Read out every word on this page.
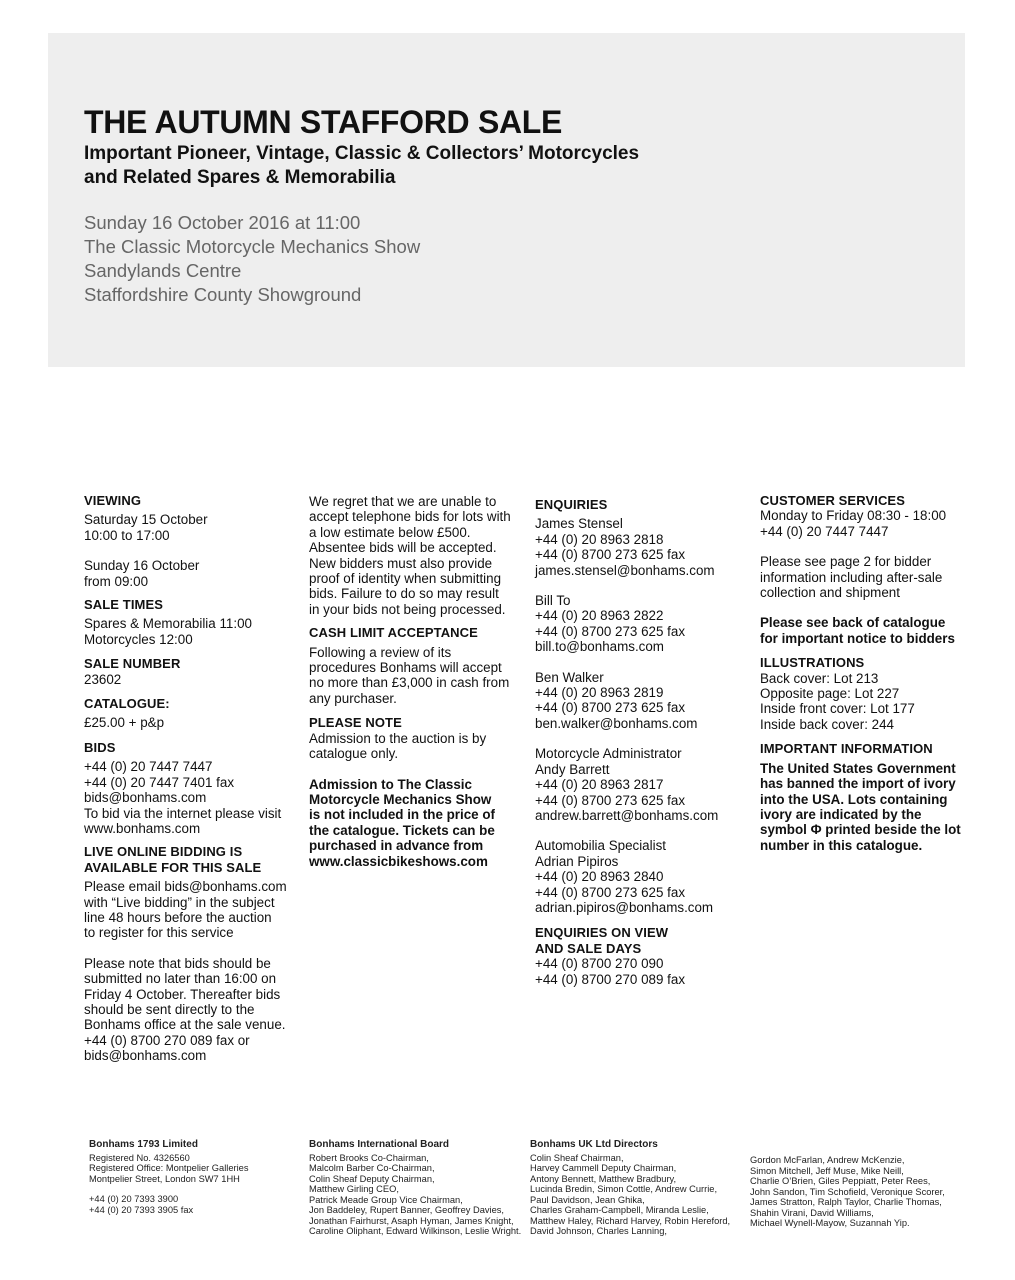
THE AUTUMN STAFFORD SALE

Important Pioneer, Vintage, Classic & Collectors’ Motorcycles

and Related Spares & Memorabilia

Sunday 16 October 2016 at 11:00

The Classic Motorcycle Mechanics Show

Sandylands Centre

Staffordshire County Showground

VIEWING

Saturday 15 October

10:00 to 17:00

Sunday 16 October

from 09:00

SALE TIMES

Spares & Memorabilia 11:00

Motorcycles 12:00

SALE NUMBER

23602

CATALOGUE:

£25.00 + p&p

BIDS

+44 (0) 20 7447 7447

+44 (0) 20 7447 7401 fax

bids@bonhams.com

To bid via the internet please visit

www.bonhams.com

LIVE ONLINE BIDDING IS

AVAILABLE FOR THIS SALE

Please email bids@bonhams.com

with “Live bidding” in the subject

line 48 hours before the auction

to register for this service

Please note that bids should be

submitted no later than 16:00 on

Friday 4 October. Thereafter bids

should be sent directly to the

Bonhams office at the sale venue.

+44 (0) 8700 270 089 fax or

bids@bonhams.com

We regret that we are unable to

accept telephone bids for lots with

a low estimate below £500.

Absentee bids will be accepted.

New bidders must also provide

proof of identity when submitting

bids. Failure to do so may result

in your bids not being processed.

CASH LIMIT ACCEPTANCE

Following a review of its

procedures Bonhams will accept

no more than £3,000 in cash from

any purchaser.

PLEASE NOTE

Admission to the auction is by

catalogue only.

Admission to The Classic

Motorcycle Mechanics Show

is not included in the price of

the catalogue. Tickets can be

purchased in advance from

www.classicbikeshows.com

ENQUIRIES

James Stensel

+44 (0) 20 8963 2818

+44 (0) 8700 273 625 fax

james.stensel@bonhams.com

Bill To

+44 (0) 20 8963 2822

+44 (0) 8700 273 625 fax

bill.to@bonhams.com

Ben Walker

+44 (0) 20 8963 2819

+44 (0) 8700 273 625 fax

ben.walker@bonhams.com

Motorcycle Administrator

Andy Barrett

+44 (0) 20 8963 2817

+44 (0) 8700 273 625 fax

andrew.barrett@bonhams.com

Automobilia Specialist

Adrian Pipiros

+44 (0) 20 8963 2840

+44 (0) 8700 273 625 fax

adrian.pipiros@bonhams.com

ENQUIRIES ON VIEW

AND SALE DAYS

+44 (0) 8700 270 090

+44 (0) 8700 270 089 fax

CUSTOMER SERVICES

Monday to Friday 08:30 - 18:00

+44 (0) 20 7447 7447

Please see page 2 for bidder

information including after-sale

collection and shipment

Please see back of catalogue

for important notice to bidders

ILLUSTRATIONS

Back cover: Lot 213

Opposite page: Lot 227

Inside front cover: Lot 177

Inside back cover: 244

IMPORTANT INFORMATION

The United States Government

has banned the import of ivory

into the USA. Lots containing

ivory are indicated by the

symbol Φ printed beside the lot

number in this catalogue.

Bonhams 1793 Limited

Registered No. 4326560

Registered Office: Montpelier Galleries

Montpelier Street, London SW7 1HH

+44 (0) 20 7393 3900

+44 (0) 20 7393 3905 fax

Bonhams International Board

Robert Brooks Co-Chairman,

Malcolm Barber Co-Chairman,

Colin Sheaf Deputy Chairman,

Matthew Girling CEO,

Patrick Meade Group Vice Chairman,

Jon Baddeley, Rupert Banner, Geoffrey Davies,

Jonathan Fairhurst, Asaph Hyman, James Knight,

Caroline Oliphant, Edward Wilkinson, Leslie Wright.

Bonhams UK Ltd Directors

Colin Sheaf Chairman,

Harvey Cammell Deputy Chairman,

Antony Bennett, Matthew Bradbury,

Lucinda Bredin, Simon Cottle, Andrew Currie,

Paul Davidson, Jean Ghika,

Charles Graham-Campbell, Miranda Leslie,

Matthew Haley, Richard Harvey, Robin Hereford,

David Johnson, Charles Lanning,

Gordon McFarlan, Andrew McKenzie,

Simon Mitchell, Jeff Muse, Mike Neill,

Charlie O’Brien, Giles Peppiatt, Peter Rees,

John Sandon, Tim Schofield, Veronique Scorer,

James Stratton, Ralph Taylor, Charlie Thomas,

Shahin Virani, David Williams,

Michael Wynell-Mayow, Suzannah Yip.
